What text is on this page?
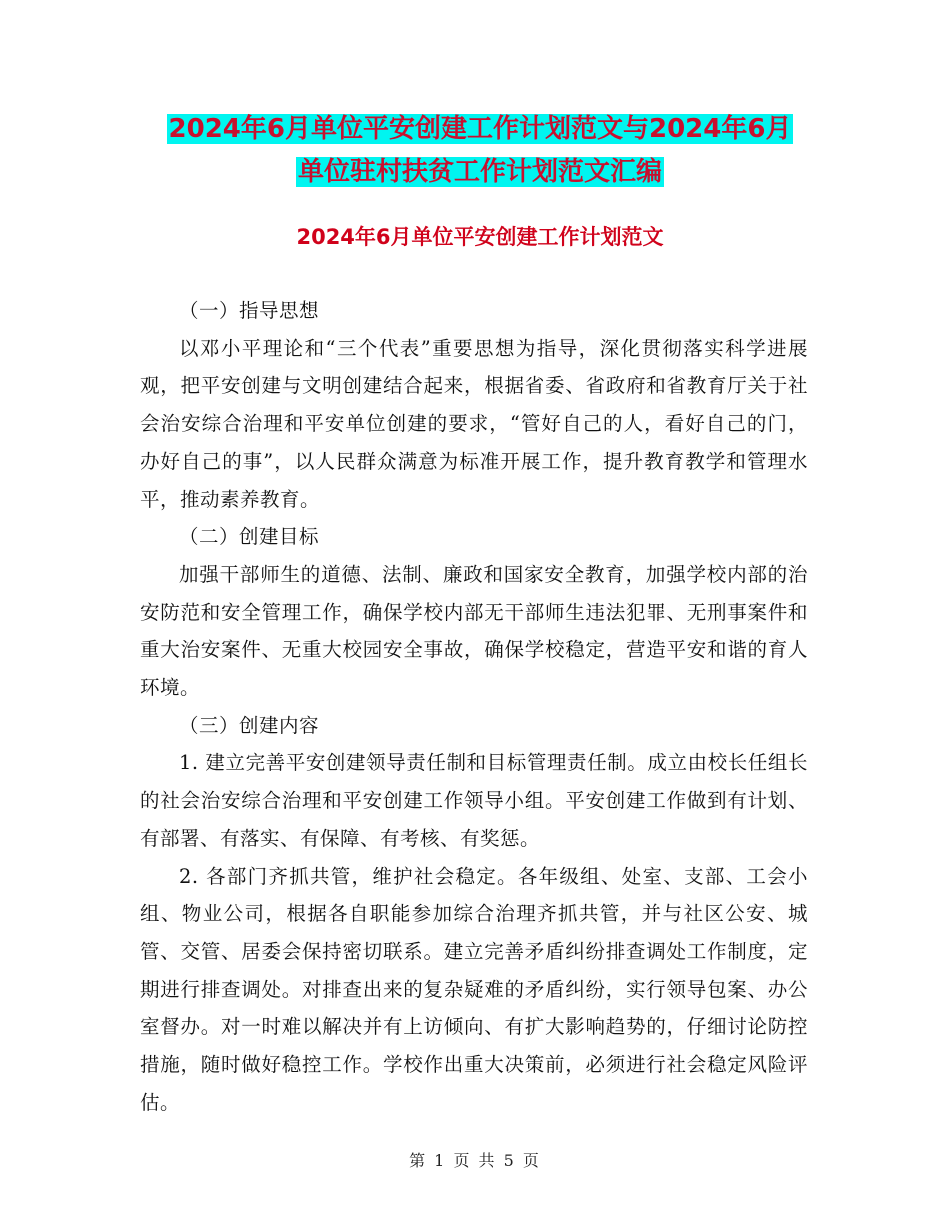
2024年6月单位平安创建工作计划范文与2024年6月
单位驻村扶贫工作计划范文汇编
2024年6月单位平安创建工作计划范文

（一）指导思想

以邓小平理论和“三个代表”重要思想为指导，深化贯彻落实科学进展观，把平安创建与文明创建结合起来，根据省委、省政府和省教育厅关于社会治安综合治理和平安单位创建的要求，“管好自己的人，看好自己的门，办好自己的事”，以人民群众满意为标准开展工作，提升教育教学和管理水平，推动素养教育。

（二）创建目标

加强干部师生的道德、法制、廉政和国家安全教育，加强学校内部的治安防范和安全管理工作，确保学校内部无干部师生违法犯罪、无刑事案件和重大治安案件、无重大校园安全事故，确保学校稳定，营造平安和谐的育人环境。

（三）创建内容

1. 建立完善平安创建领导责任制和目标管理责任制。成立由校长任组长的社会治安综合治理和平安创建工作领导小组。平安创建工作做到有计划、有部署、有落实、有保障、有考核、有奖惩。

2. 各部门齐抓共管，维护社会稳定。各年级组、处室、支部、工会小组、物业公司，根据各自职能参加综合治理齐抓共管，并与社区公安、城管、交管、居委会保持密切联系。建立完善矛盾纠纷排查调处工作制度，定期进行排查调处。对排查出来的复杂疑难的矛盾纠纷，实行领导包案、办公室督办。对一时难以解决并有上访倾向、有扩大影响趋势的，仔细讨论防控措施，随时做好稳控工作。学校作出重大决策前，必须进行社会稳定风险评估。

第 1 页 共 5 页
